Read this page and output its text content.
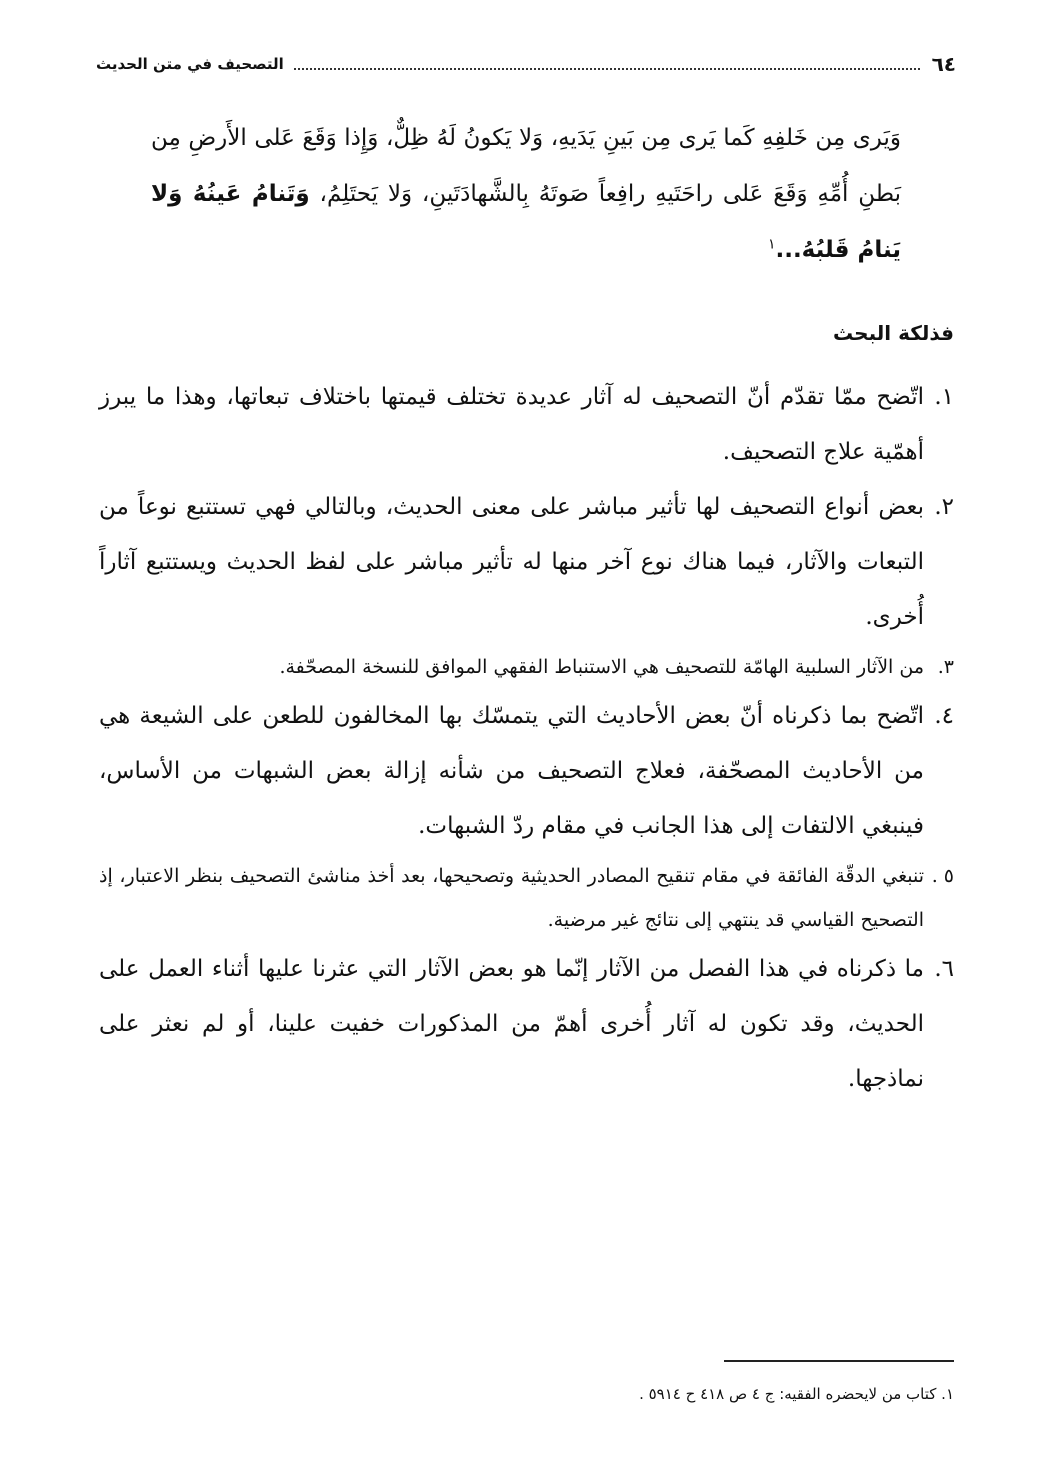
٦٤
التصحيف في متن الحديث
وَيَرى مِن خَلفِهِ كَما يَرى مِن بَينِ يَدَيهِ، وَلا يَكونُ لَهُ ظِلٌّ، وَإِذا وَقَعَ عَلى الأَرضِ مِن بَطنِ أُمِّهِ وَقَعَ عَلى راحَتَيهِ رافِعاً صَوتَهُ بِالشَّهادَتَينِ، وَلا يَحتَلِمُ، وَتَنامُ عَينُهُ وَلا يَنامُ قَلبُهُ...$^١$
فذلكة البحث
١.
اتّضح ممّا تقدّم أنّ التصحيف له آثار عديدة تختلف قيمتها باختلاف تبعاتها، وهذا ما يبرز أهمّية علاج التصحيف.
٢.
بعض أنواع التصحيف لها تأثير مباشر على معنى الحديث، وبالتالي فهي تستتبع نوعاً من التبعات والآثار، فيما هناك نوع آخر منها له تأثير مباشر على لفظ الحديث ويستتبع آثاراً أُخرى.
٣.
من الآثار السلبية الهامّة للتصحيف هي الاستنباط الفقهي الموافق للنسخة المصحّفة.
٤.
اتّضح بما ذكرناه أنّ بعض الأحاديث التي يتمسّك بها المخالفون للطعن على الشيعة هي من الأحاديث المصحّفة، فعلاج التصحيف من شأنه إزالة بعض الشبهات من الأساس، فينبغي الالتفات إلى هذا الجانب في مقام ردّ الشبهات.
٥ .
تنبغي الدقّة الفائقة في مقام تنقيح المصادر الحديثية وتصحيحها، بعد أخذ مناشئ التصحيف بنظر الاعتبار، إذ التصحيح القياسي قد ينتهي إلى نتائج غير مرضية.
٦.
ما ذكرناه في هذا الفصل من الآثار إنّما هو بعض الآثار التي عثرنا عليها أثناء العمل على الحديث، وقد تكون له آثار أُخرى أهمّ من المذكورات خفيت علينا، أو لم نعثر على نماذجها.
١. كتاب من لايحضره الفقيه: ج ٤ ص ٤١٨ ح ٥٩١٤ .
